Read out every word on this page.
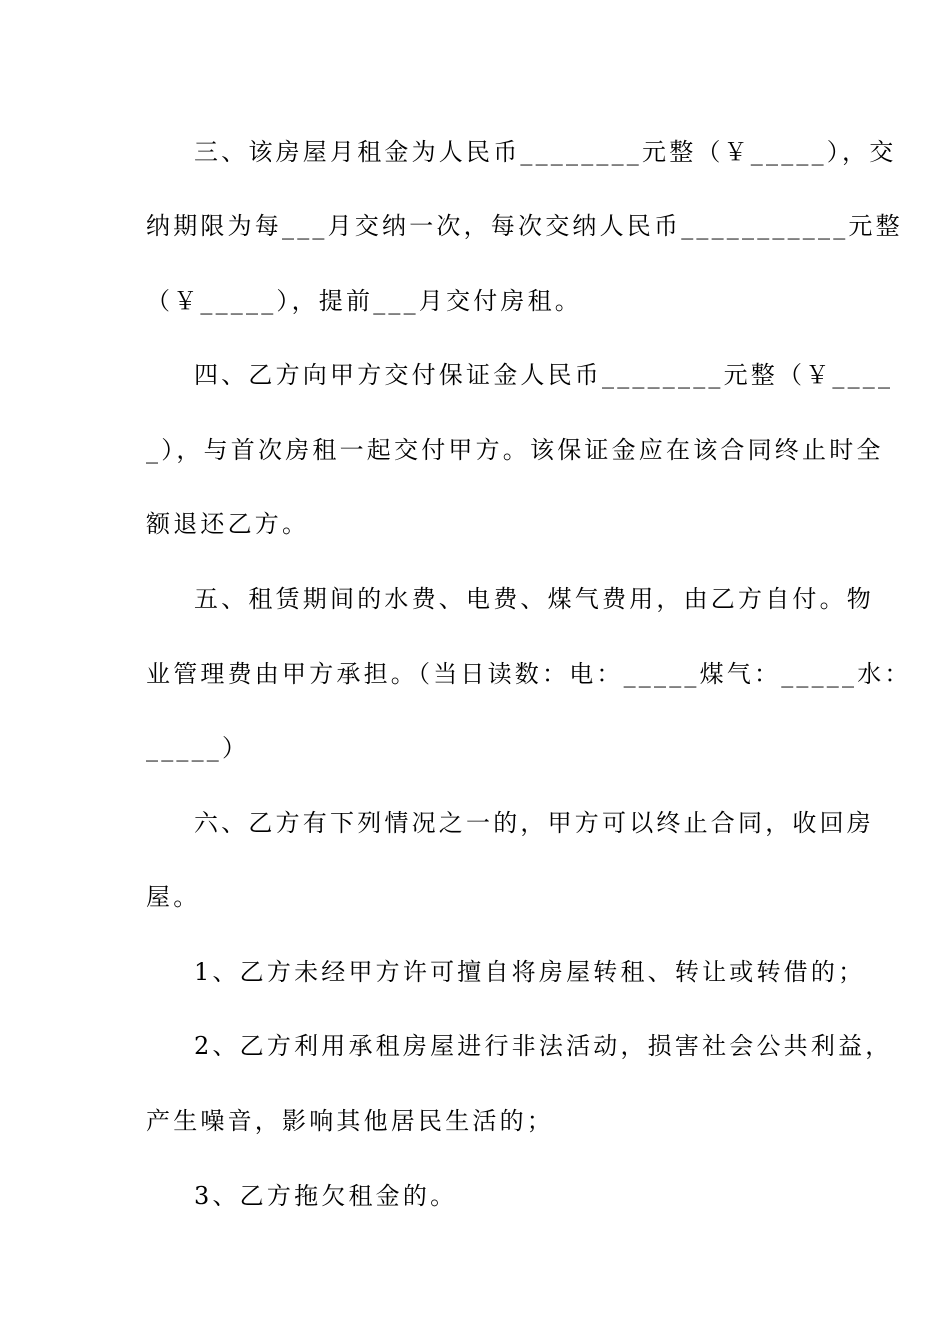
三、该房屋月租金为人民币________元整（￥_____），交
纳期限为每___月交纳一次，每次交纳人民币___________元整
（￥_____），提前___月交付房租。
四、乙方向甲方交付保证金人民币________元整（￥____
_），与首次房租一起交付甲方。该保证金应在该合同终止时全
额退还乙方。
五、租赁期间的水费、电费、煤气费用，由乙方自付。物
业管理费由甲方承担。（当日读数：电：_____煤气：_____水：
_____）
六、乙方有下列情况之一的，甲方可以终止合同，收回房
屋。
1、乙方未经甲方许可擅自将房屋转租、转让或转借的；
2、乙方利用承租房屋进行非法活动，损害社会公共利益，
产生噪音，影响其他居民生活的；
3、乙方拖欠租金的。
